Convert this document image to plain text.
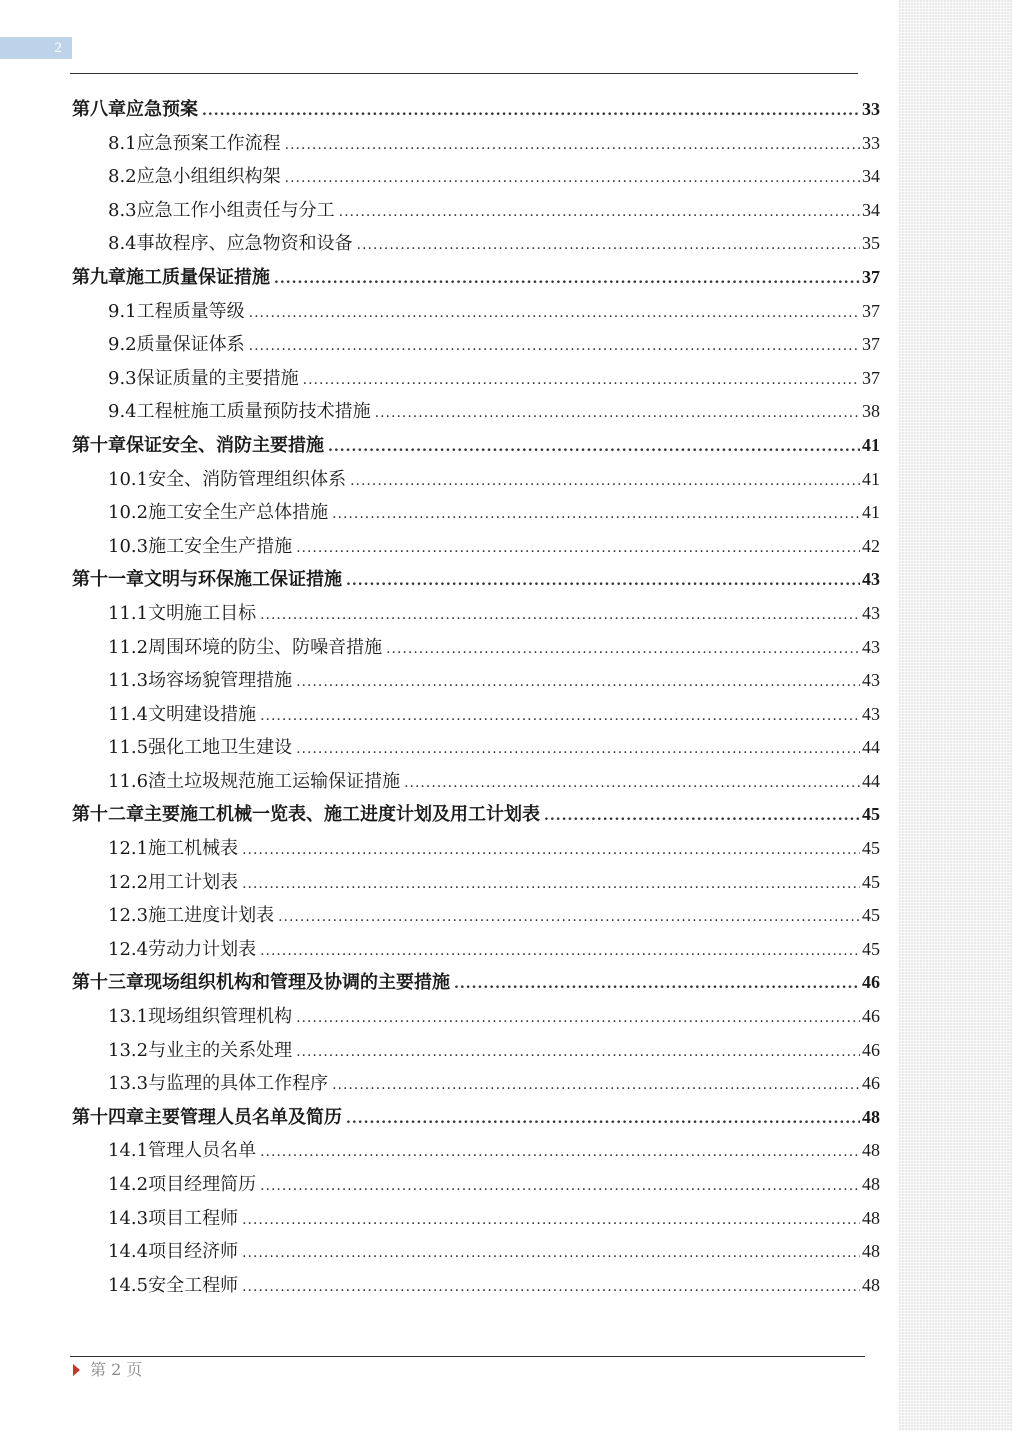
2
第八章 应急预案 .....	33
8.1 应急预案工作流程 .....	33
8.2 应急小组组织构架 .....	34
8.3 应急工作小组责任与分工 .....	34
8.4 事故程序、应急物资和设备 .....	35
第九章 施工质量保证措施 .....	37
9.1 工程质量等级 .....	37
9.2 质量保证体系 .....	37
9.3 保证质量的主要措施 .....	37
9.4 工程桩施工质量预防技术措施 .....	38
第十章 保证安全、消防主要措施 .....	41
10.1 安全、消防管理组织体系 .....	41
10.2 施工安全生产总体措施 .....	41
10.3 施工安全生产措施 .....	42
第十一章 文明与环保施工保证措施 .....	43
11.1 文明施工目标 .....	43
11.2 周围环境的防尘、防噪音措施 .....	43
11.3 场容场貌管理措施 .....	43
11.4 文明建设措施 .....	43
11.5 强化工地卫生建设 .....	44
11.6 渣土垃圾规范施工运输保证措施 .....	44
第十二章 主要施工机械一览表、施工进度计划及用工计划表 .....	45
12.1 施工机械表 .....	45
12.2 用工计划表 .....	45
12.3 施工进度计划表 .....	45
12.4 劳动力计划表 .....	45
第十三章 现场组织机构和管理及协调的主要措施 .....	46
13.1 现场组织管理机构 .....	46
13.2 与业主的关系处理 .....	46
13.3 与监理的具体工作程序 .....	46
第十四章 主要管理人员名单及简历 .....	48
14.1 管理人员名单 .....	48
14.2 项目经理简历 .....	48
14.3 项目工程师 .....	48
14.4 项目经济师 .....	48
14.5 安全工程师 .....	48
第 2 页
